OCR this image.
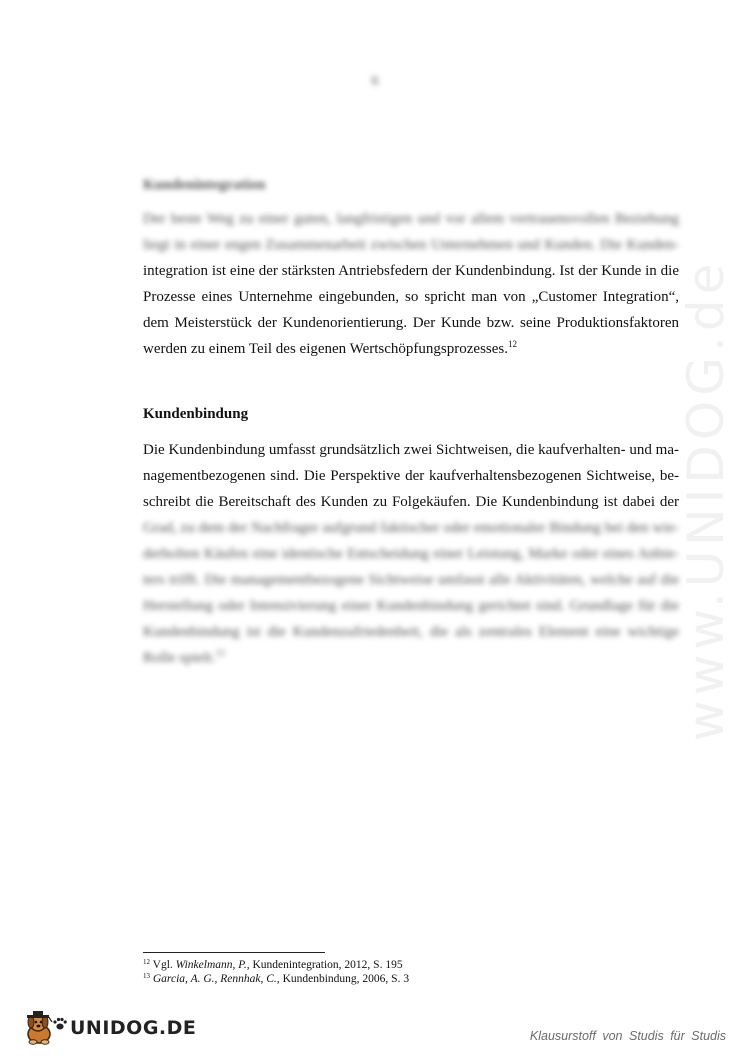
www.UNIDOG.de
6
Kundenintegration
Der beste Weg zu einer guten, langfristigen und vor allem vertrauensvollen Beziehung
liegt in einer engen Zusammenarbeit zwischen Unternehmen und Kunden. Die Kunden-
integration ist eine der stärksten Antriebsfedern der Kundenbindung. Ist der Kunde in die
Prozesse eines Unternehme eingebunden, so spricht man von „Customer Integration“,
dem Meisterstück der Kundenorientierung. Der Kunde bzw. seine Produktionsfaktoren
werden zu einem Teil des eigenen Wertschöpfungsprozesses.$^{12}$
Kundenbindung
Die Kundenbindung umfasst grundsätzlich zwei Sichtweisen, die kaufverhalten- und ma-
nagementbezogenen sind. Die Perspektive der kaufverhaltensbezogenen Sichtweise, be-
schreibt die Bereitschaft des Kunden zu Folgekäufen. Die Kundenbindung ist dabei der
Grad, zu dem der Nachfrager aufgrund faktischer oder emotionaler Bindung bei den wie-
derholten Käufen eine identische Entscheidung einer Leistung, Marke oder eines Anbie-
ters trifft. Die managementbezogene Sichtweise umfasst alle Aktivitäten, welche auf die
Herstellung oder Intensivierung einer Kundenbindung gerichtet sind. Grundlage für die
Kundenbindung ist die Kundenzufriedenheit, die als zentrales Element eine wichtige
Rolle spielt.$^{13}$
$^{12}$ Vgl. Winkelmann, P., Kundenintegration, 2012, S. 195
$^{13}$ Garcia, A. G., Rennhak, C., Kundenbindung, 2006, S. 3
UNIDOG.DE	Klausurstoff von Studis für Studis
